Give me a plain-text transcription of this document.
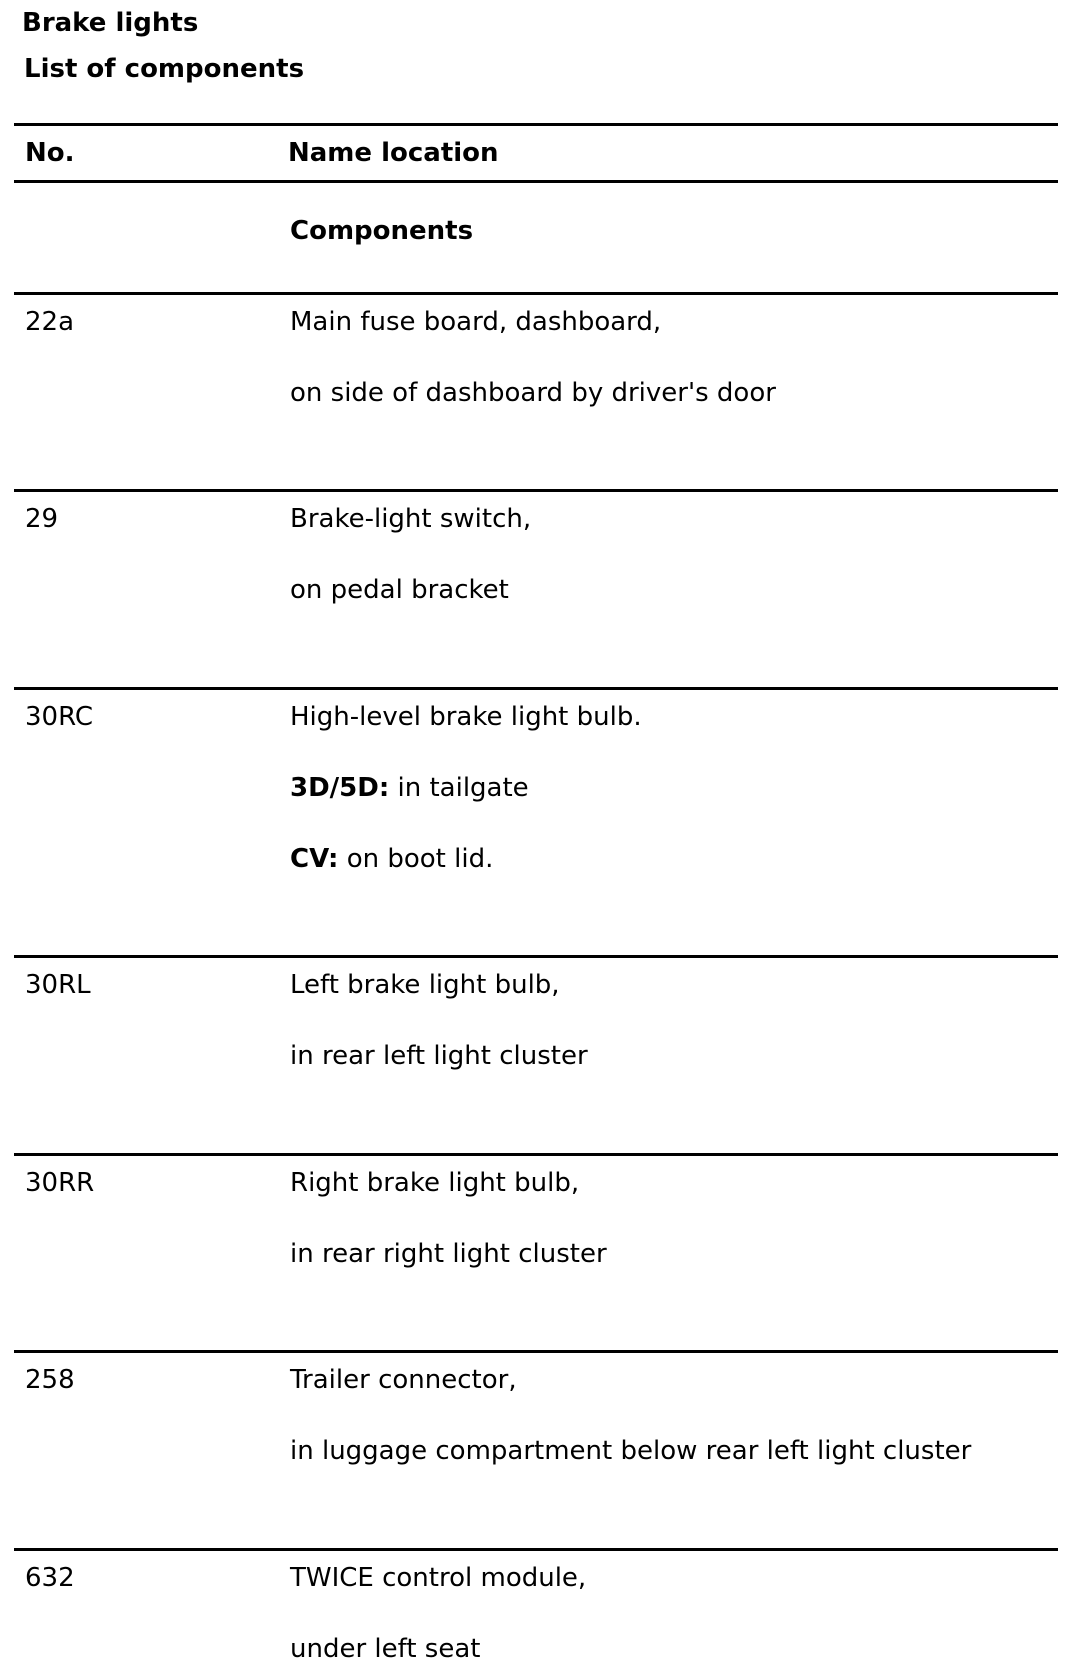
Brake lights
List of components
No.	Name location
Components
22a	Main fuse board, dashboard,
on side of dashboard by driver's door
29	Brake-light switch,
on pedal bracket
30RC	High-level brake light bulb.
3D/5D: in tailgate
CV: on boot lid.
30RL	Left brake light bulb,
in rear left light cluster
30RR	Right brake light bulb,
in rear right light cluster
258	Trailer connector,
in luggage compartment below rear left light cluster
632	TWICE control module,
under left seat
